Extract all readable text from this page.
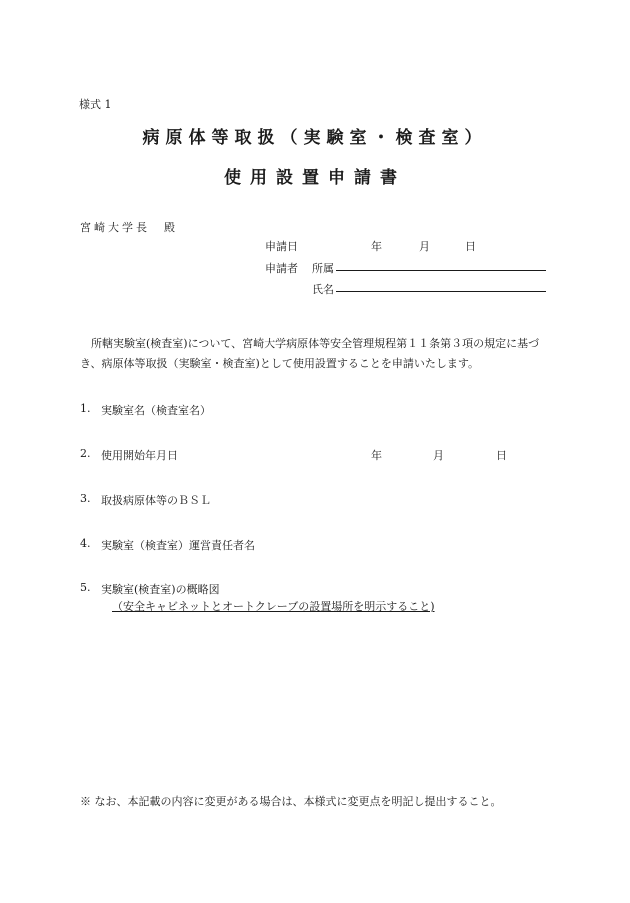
様式 1
病原体等取扱（実験室・検査室）
使用設置申請書
宮崎大学長　殿
申請日	年	月	日
申請者 所属
氏名
所轄実験室(検査室)について、宮崎大学病原体等安全管理規程第１１条第３項の規定に基づき、病原体等取扱（実験室・検査室)として使用設置することを申請いたします。
1. 実験室名（検査室名）
2. 使用開始年月日	年	月	日
3. 取扱病原体等のＢＳＬ
4. 実験室（検査室）運営責任者名
5. 実験室(検査室)の概略図
（安全キャビネットとオートクレーブの設置場所を明示すること)
※ なお、本記載の内容に変更がある場合は、本様式に変更点を明記し提出すること。
